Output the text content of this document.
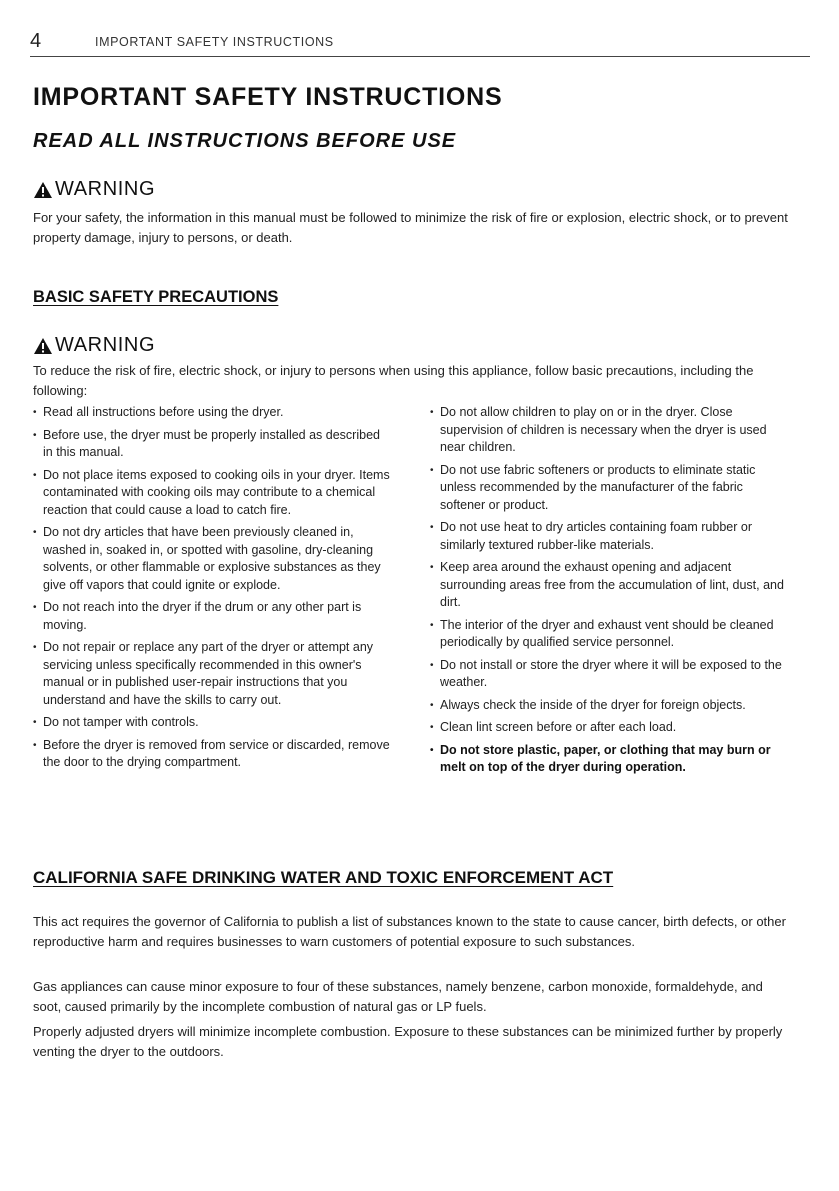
4	IMPORTANT SAFETY INSTRUCTIONS
IMPORTANT SAFETY INSTRUCTIONS
READ ALL INSTRUCTIONS BEFORE USE
WARNING
For your safety, the information in this manual must be followed to minimize the risk of fire or explosion, electric shock, or to prevent property damage, injury to persons, or death.
BASIC SAFETY PRECAUTIONS
WARNING
To reduce the risk of fire, electric shock, or injury to persons when using this appliance, follow basic precautions, including the following:
• Read all instructions before using the dryer.
• Before use, the dryer must be properly installed as described in this manual.
• Do not place items exposed to cooking oils in your dryer. Items contaminated with cooking oils may contribute to a chemical reaction that could cause a load to catch fire.
• Do not dry articles that have been previously cleaned in, washed in, soaked in, or spotted with gasoline, dry-cleaning solvents, or other flammable or explosive substances as they give off vapors that could ignite or explode.
• Do not reach into the dryer if the drum or any other part is moving.
• Do not repair or replace any part of the dryer or attempt any servicing unless specifically recommended in this owner's manual or in published user-repair instructions that you understand and have the skills to carry out.
• Do not tamper with controls.
• Before the dryer is removed from service or discarded, remove the door to the drying compartment.
• Do not allow children to play on or in the dryer. Close supervision of children is necessary when the dryer is used near children.
• Do not use fabric softeners or products to eliminate static unless recommended by the manufacturer of the fabric softener or product.
• Do not use heat to dry articles containing foam rubber or similarly textured rubber-like materials.
• Keep area around the exhaust opening and adjacent surrounding areas free from the accumulation of lint, dust, and dirt.
• The interior of the dryer and exhaust vent should be cleaned periodically by qualified service personnel.
• Do not install or store the dryer where it will be exposed to the weather.
• Always check the inside of the dryer for foreign objects.
• Clean lint screen before or after each load.
• Do not store plastic, paper, or clothing that may burn or melt on top of the dryer during operation.
CALIFORNIA SAFE DRINKING WATER AND TOXIC ENFORCEMENT ACT
This act requires the governor of California to publish a list of substances known to the state to cause cancer, birth defects, or other reproductive harm and requires businesses to warn customers of potential exposure to such substances.
Gas appliances can cause minor exposure to four of these substances, namely benzene, carbon monoxide, formaldehyde, and soot, caused primarily by the incomplete combustion of natural gas or LP fuels.
Properly adjusted dryers will minimize incomplete combustion. Exposure to these substances can be minimized further by properly venting the dryer to the outdoors.
